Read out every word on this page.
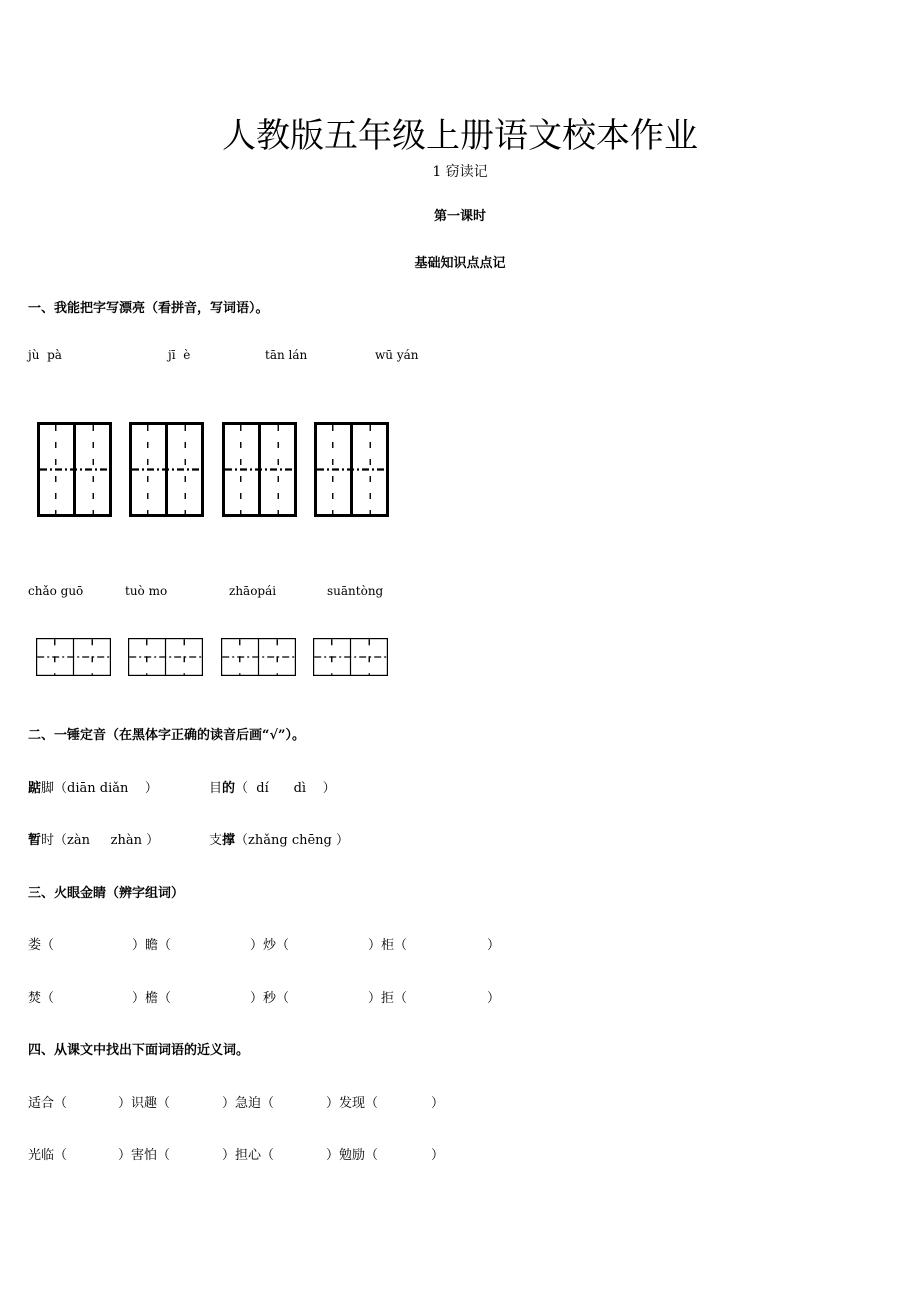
人教版五年级上册语文校本作业
1 窃读记
第一课时
基础知识点点记
一、我能把字写漂亮（看拼音，写词语）。
jù  pà	jī  è	tān lán	wū yán
chǎo guō	tuò mo	zhāopái	suāntòng
二、一锤定音（在黑体字正确的读音后画“√”）。
踮脚（diān diǎn    ）	目的（  dí      dì    ）
暂时（zàn     zhàn ）	支撑（zhǎng chēng ）
三、火眼金睛（辨字组词）
娄（	）瞻（	）炒（	）柜（	）
焚（	）檐（	）秒（	）拒（	）
四、从课文中找出下面词语的近义词。
适合（	）识趣（	）急迫（	）发现（	）
光临（	）害怕（	）担心（	）勉励（	）
